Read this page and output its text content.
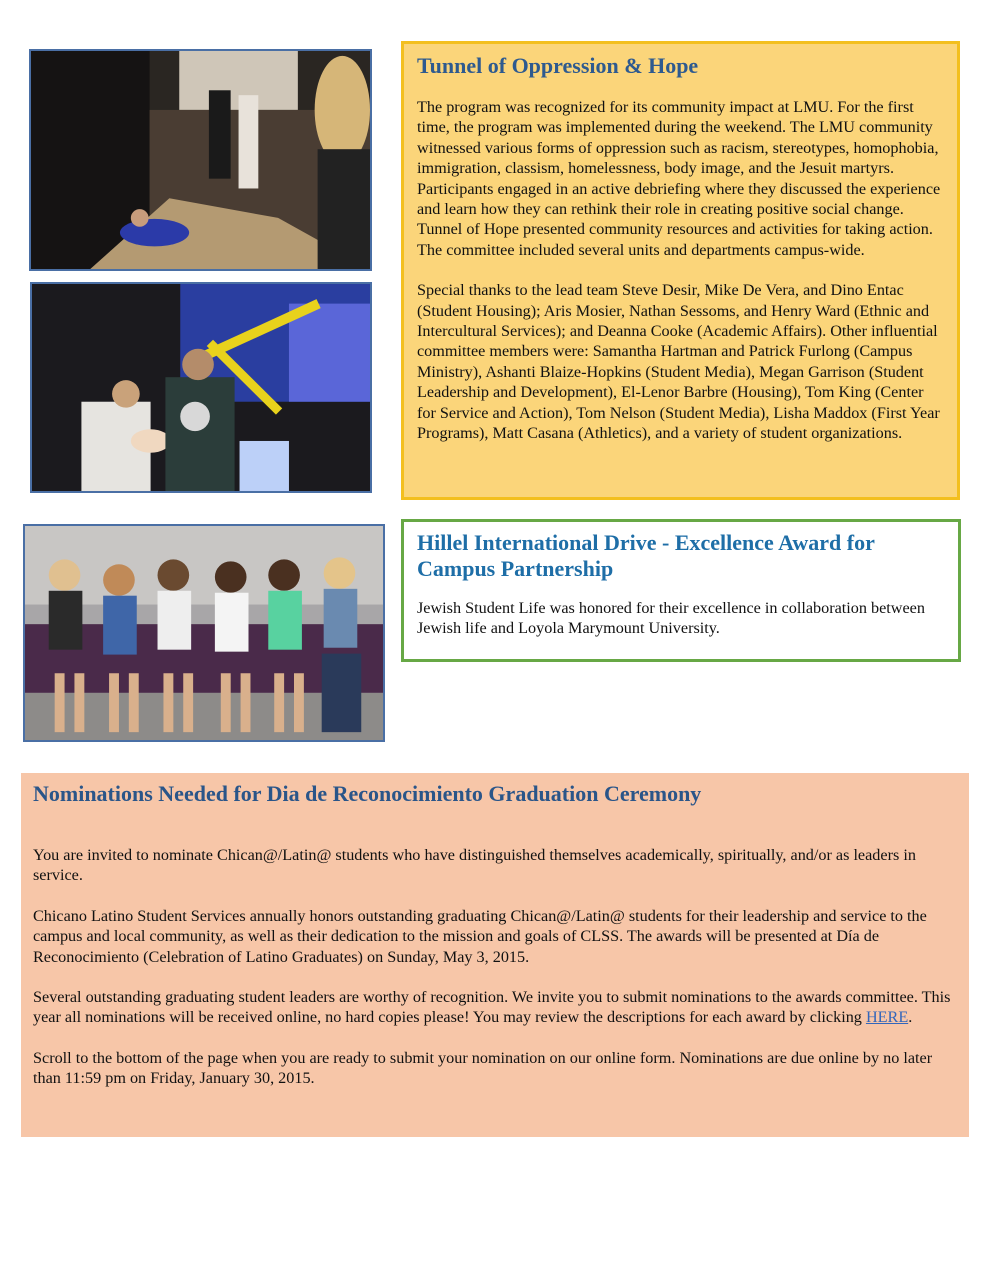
Tunnel of Oppression & Hope

The program was recognized for its community impact at LMU. For the first time, the program was implemented during the weekend. The LMU community witnessed various forms of oppression such as racism, stereotypes, homophobia, immigration, classism, homelessness, body image, and the Jesuit martyrs. Participants engaged in an active debriefing where they discussed the experience and learn how they can rethink their role in creating positive social change. Tunnel of Hope presented community resources and activities for taking action. The committee included several units and departments campus-wide.

Special thanks to the lead team Steve Desir, Mike De Vera, and Dino Entac (Student Housing); Aris Mosier, Nathan Sessoms, and Henry Ward (Ethnic and Intercultural Services); and Deanna Cooke (Academic Affairs). Other influential committee members were: Samantha Hartman and Patrick Furlong (Campus Ministry), Ashanti Blaize-Hopkins (Student Media), Megan Garrison (Student Leadership and Development), El-Lenor Barbre (Housing), Tom King (Center for Service and Action), Tom Nelson (Student Media), Lisha Maddox (First Year Programs), Matt Casana (Athletics), and a variety of student organizations.

Hillel International Drive - Excellence Award for Campus Partnership

Jewish Student Life was honored for their excellence in collaboration between Jewish life and Loyola Marymount University.

Nominations Needed for Dia de Reconocimiento Graduation Ceremony

You are invited to nominate Chican@/Latin@ students who have distinguished themselves academically, spiritually, and/or as leaders in service.

Chicano Latino Student Services annually honors outstanding graduating Chican@/Latin@ students for their leadership and service to the campus and local community, as well as their dedication to the mission and goals of CLSS. The awards will be presented at Día de Reconocimiento (Celebration of Latino Graduates) on Sunday, May 3, 2015.

Several outstanding graduating student leaders are worthy of recognition. We invite you to submit nominations to the awards committee. This year all nominations will be received online, no hard copies please! You may review the descriptions for each award by clicking HERE.

Scroll to the bottom of the page when you are ready to submit your nomination on our online form. Nominations are due online by no later than 11:59 pm on Friday, January 30, 2015.
